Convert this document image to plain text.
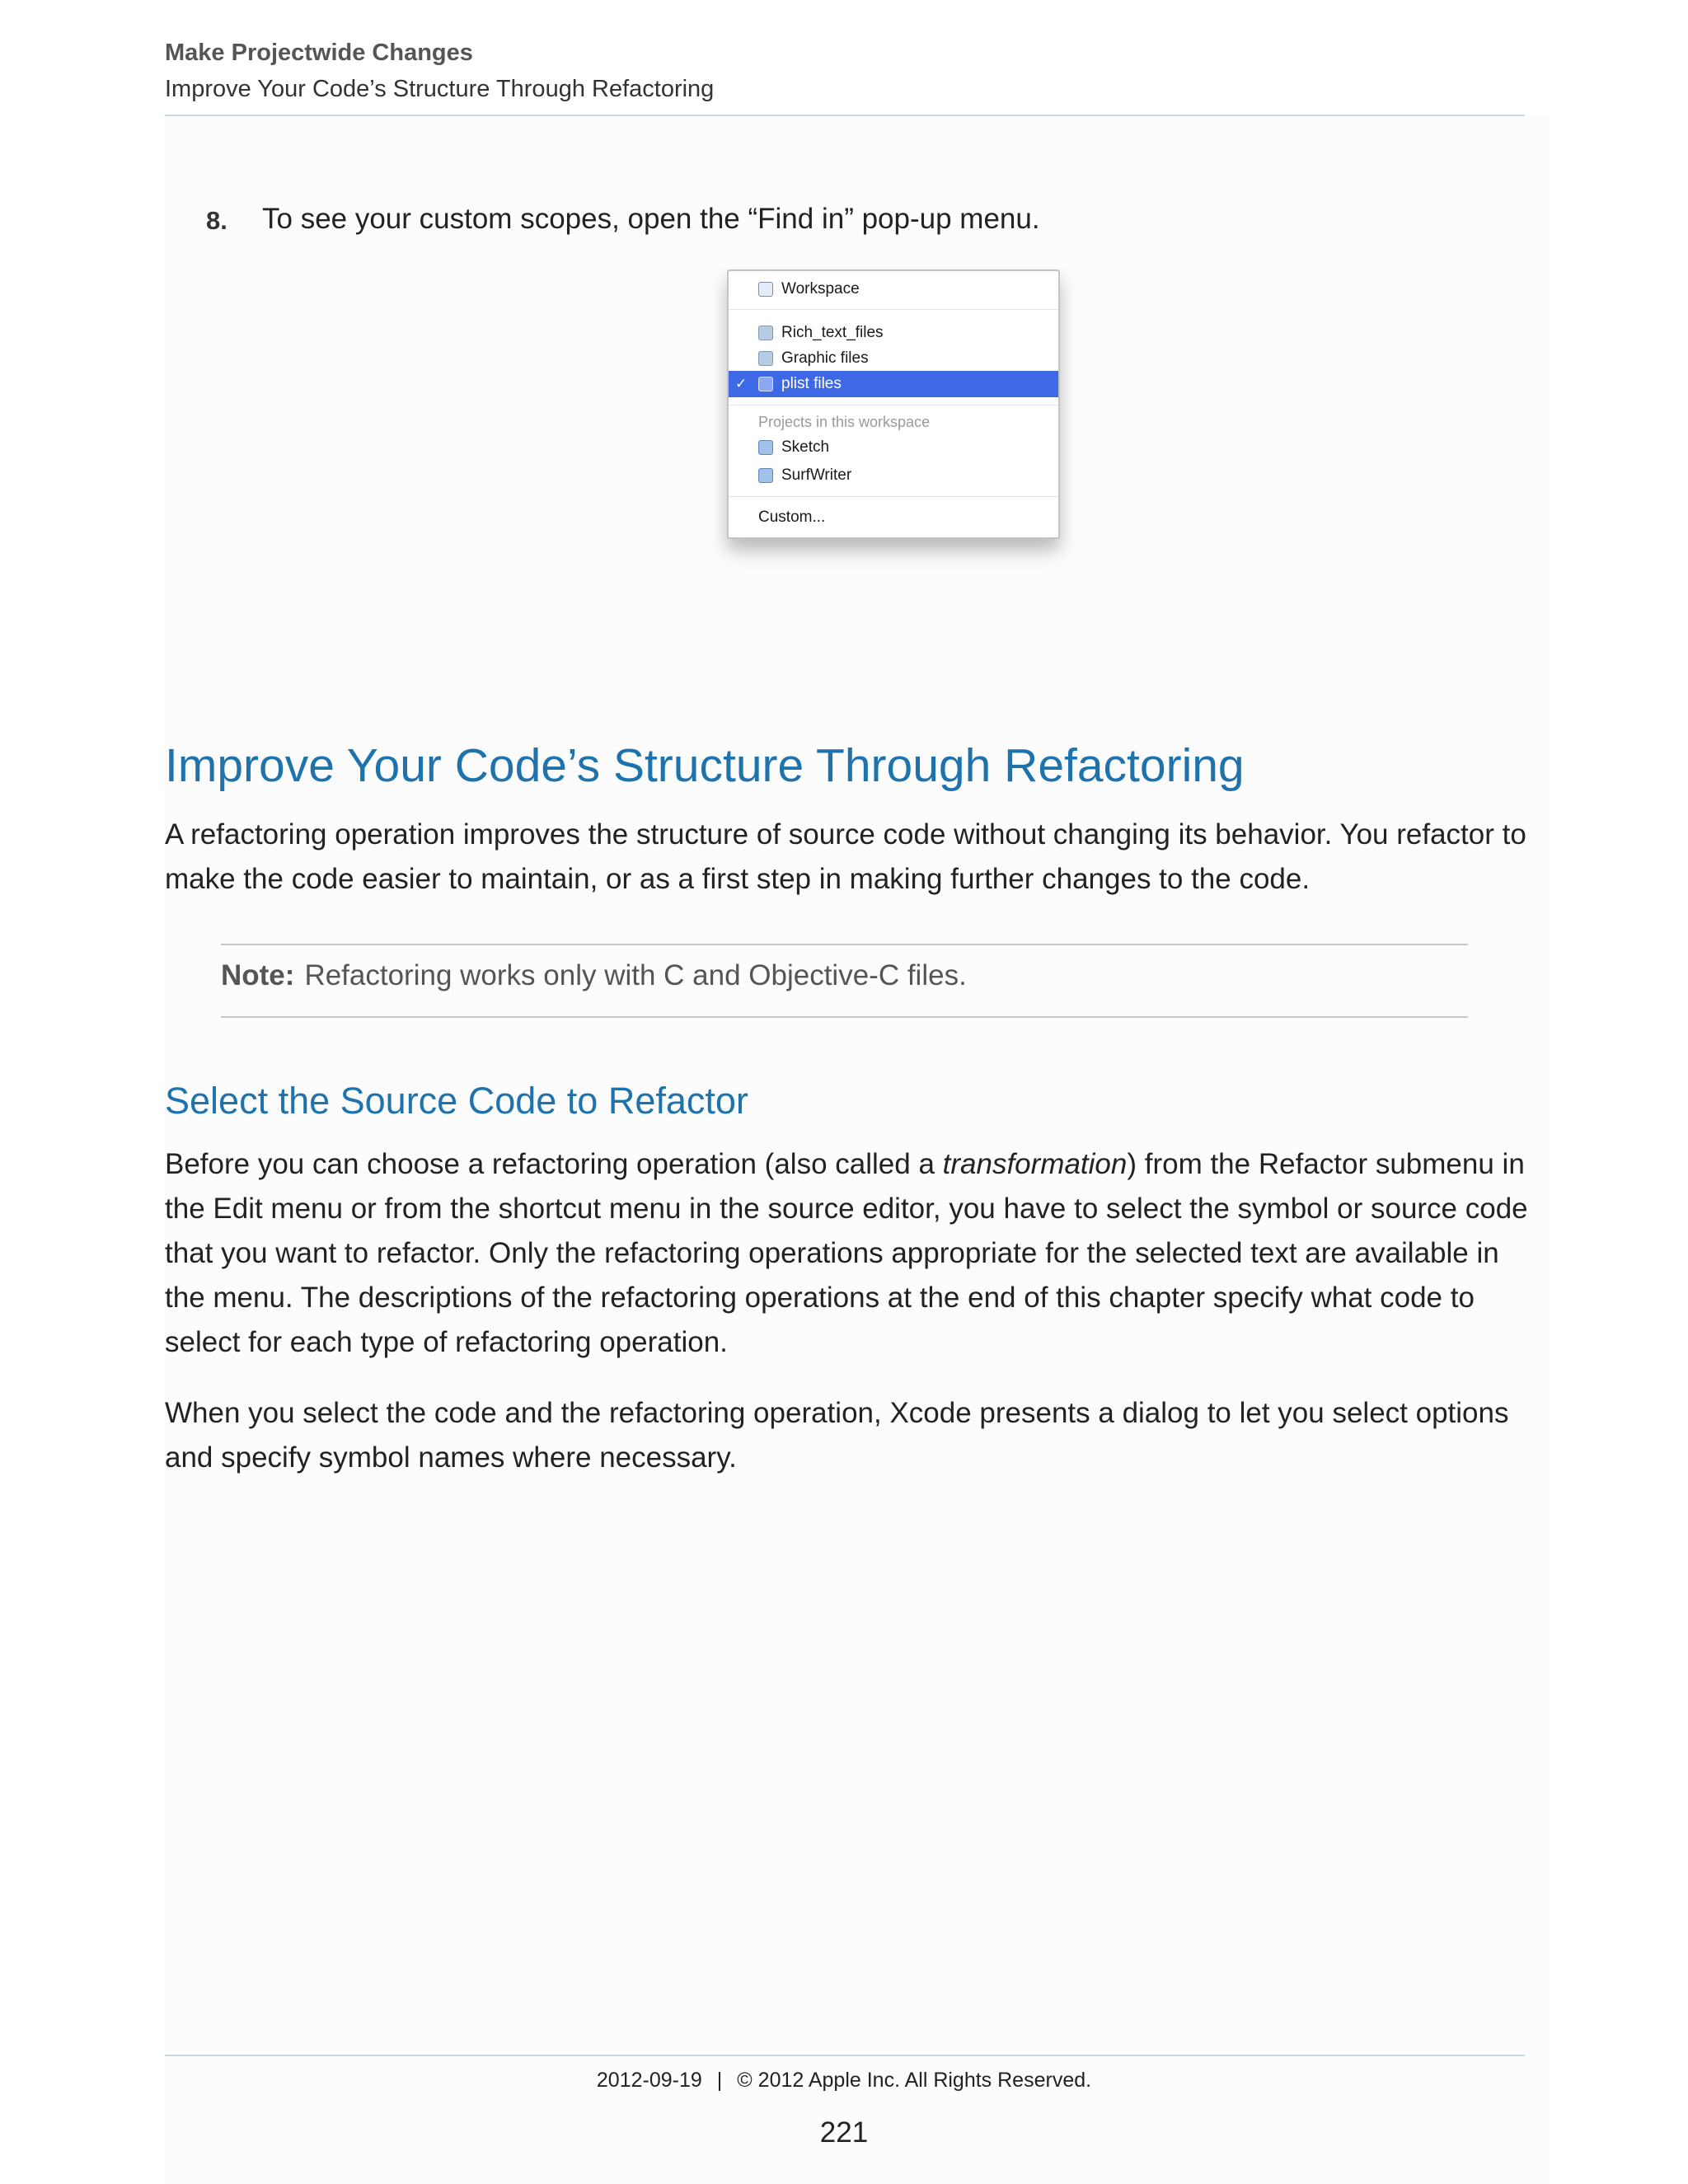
Make Projectwide Changes
Improve Your Code’s Structure Through Refactoring
8. To see your custom scopes, open the “Find in” pop-up menu.
Workspace
Rich_text_files
Graphic files
✓ plist files
Projects in this workspace
Sketch
SurfWriter
Custom...
Improve Your Code’s Structure Through Refactoring
A refactoring operation improves the structure of source code without changing its behavior. You refactor to make the code easier to maintain, or as a first step in making further changes to the code.
Note: Refactoring works only with C and Objective-C files.
Select the Source Code to Refactor
Before you can choose a refactoring operation (also called a transformation) from the Refactor submenu in the Edit menu or from the shortcut menu in the source editor, you have to select the symbol or source code that you want to refactor. Only the refactoring operations appropriate for the selected text are available in the menu. The descriptions of the refactoring operations at the end of this chapter specify what code to select for each type of refactoring operation.
When you select the code and the refactoring operation, Xcode presents a dialog to let you select options and specify symbol names where necessary.
2012-09-19 | © 2012 Apple Inc. All Rights Reserved.
221
